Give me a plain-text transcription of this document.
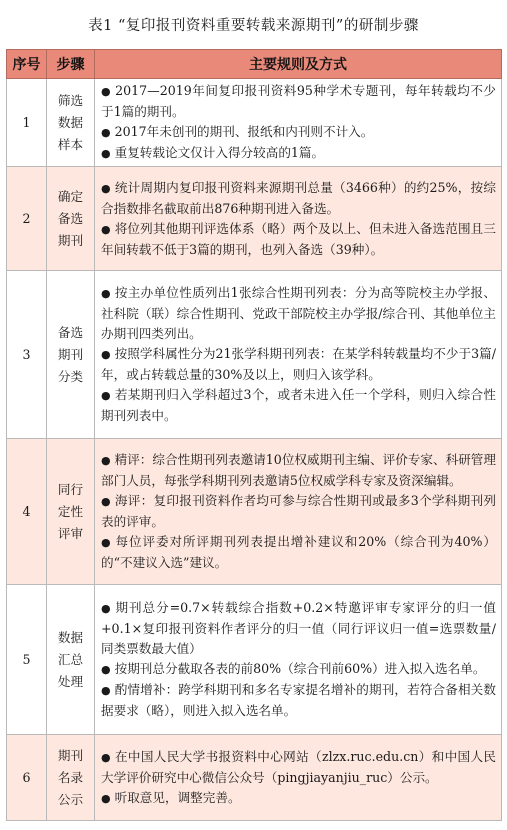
表1 “复印报刊资料重要转载来源期刊”的研制步骤
序号	步骤	主要规则及方式
1	筛选数据样本	● 2017—2019年间复印报刊资料95种学术专题刊，每年转载均不少于1篇的期刊。
● 2017年未创刊的期刊、报纸和内刊则不计入。
● 重复转载论文仅计入得分较高的1篇。

2	确定备选期刊	● 统计周期内复印报刊资料来源期刊总量（3466种）的约25%，按综合指数排名截取前出876种期刊进入备选。
● 将位列其他期刊评选体系（略）两个及以上、但未进入备选范围且三年间转载不低于3篇的期刊，也列入备选（39种）。

3	备选期刊分类	● 按主办单位性质列出1张综合性期刊列表：分为高等院校主办学报、社科院（联）综合性期刊、党政干部院校主办学报/综合刊、其他单位主办期刊四类列出。
● 按照学科属性分为21张学科期刊列表：在某学科转载量均不少于3篇/年，或占转载总量的30%及以上，则归入该学科。
● 若某期刊归入学科超过3个，或者未进入任一个学科，则归入综合性期刊列表中。

4	同行定性评审	● 精评：综合性期刊列表邀请10位权威期刊主编、评价专家、科研管理部门人员，每张学科期刊列表邀请5位权威学科专家及资深编辑。
● 海评：复印报刊资料作者均可参与综合性期刊或最多3个学科期刊列表的评审。
● 每位评委对所评期刊列表提出增补建议和20%（综合刊为40%）的“不建议入选”建议。

5	数据汇总处理	● 期刊总分=0.7×转载综合指数+0.2×特邀评审专家评分的归一值+0.1×复印报刊资料作者评分的归一值（同行评议归一值=选票数量/同类票数最大值）
● 按期刊总分截取各表的前80%（综合刊前60%）进入拟入选名单。
● 酌情增补：跨学科期刊和多名专家提名增补的期刊，若符合备相关数据要求（略），则进入拟入选名单。

6	期刊名录公示	● 在中国人民大学书报资料中心网站（zlzx.ruc.edu.cn）和中国人民大学评价研究中心微信公众号（pingjiayanjiu_ruc）公示。
● 听取意见，调整完善。
